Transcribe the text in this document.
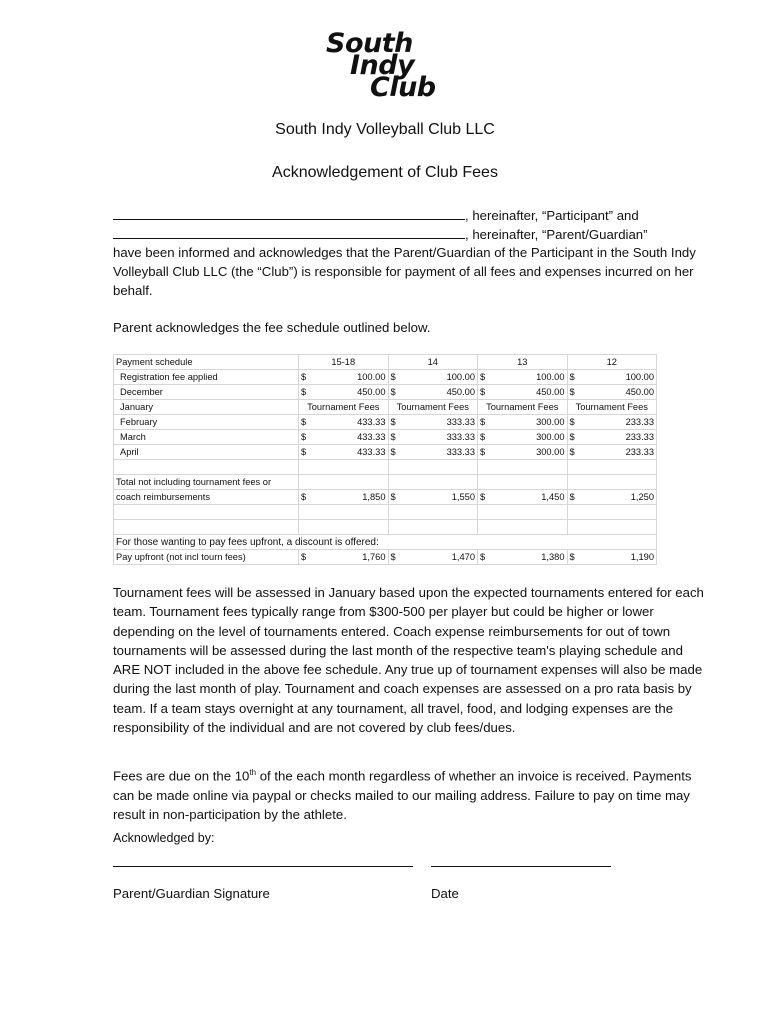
South
Indy
Club
South Indy Volleyball Club LLC
Acknowledgement of Club Fees
, hereinafter, “Participant” and
, hereinafter, “Parent/Guardian”
have been informed and acknowledges that the Parent/Guardian of the Participant in the South Indy Volleyball Club LLC (the “Club”) is responsible for payment of all fees and expenses incurred on her behalf.
Parent acknowledges the fee schedule outlined below.
Payment schedule	15-18	14	13	12
Registration fee applied	$ 100.00	$ 100.00	$ 100.00	$ 100.00

December	$ 450.00	$ 450.00	$ 450.00	$ 450.00

January	Tournament Fees	Tournament Fees	Tournament Fees	Tournament Fees
February	$ 433.33	$ 333.33	$ 300.00	$ 233.33

March	$ 433.33	$ 333.33	$ 300.00	$ 233.33

April	$ 433.33	$ 333.33	$ 300.00	$ 233.33

Total not including tournament fees or				
coach reimbursements	$ 1,850	$ 1,550	$ 1,450	$ 1,250

For those wanting to pay fees upfront, a discount is offered:				
Pay upfront (not incl tourn fees)	$ 1,760	$ 1,470	$ 1,380	$ 1,190
Tournament fees will be assessed in January based upon the expected tournaments entered for each team. Tournament fees typically range from $300-500 per player but could be higher or lower depending on the level of tournaments entered. Coach expense reimbursements for out of town tournaments will be assessed during the last month of the respective team's playing schedule and ARE NOT included in the above fee schedule. Any true up of tournament expenses will also be made during the last month of play. Tournament and coach expenses are assessed on a pro rata basis by team. If a team stays overnight at any tournament, all travel, food, and lodging expenses are the responsibility of the individual and are not covered by club fees/dues.
Fees are due on the 10th of the each month regardless of whether an invoice is received. Payments can be made online via paypal or checks mailed to our mailing address. Failure to pay on time may result in non-participation by the athlete.
Acknowledged by:
Parent/Guardian Signature	Date
